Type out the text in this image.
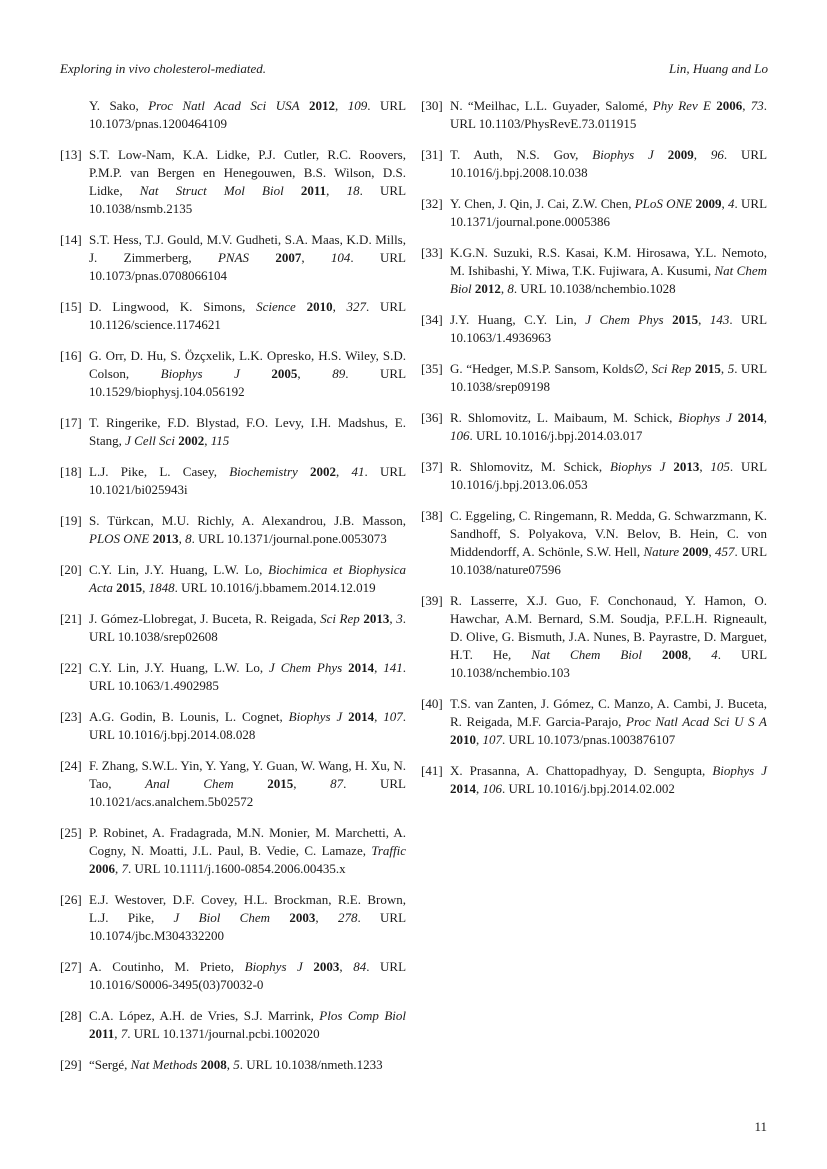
Exploring in vivo cholesterol-mediated.	Lin, Huang and Lo
Y. Sako, Proc Natl Acad Sci USA 2012, 109. URL 10.1073/pnas.1200464109
[13] S.T. Low-Nam, K.A. Lidke, P.J. Cutler, R.C. Roovers, P.M.P. van Bergen en Henegouwen, B.S. Wilson, D.S. Lidke, Nat Struct Mol Biol 2011, 18. URL 10.1038/nsmb.2135
[14] S.T. Hess, T.J. Gould, M.V. Gudheti, S.A. Maas, K.D. Mills, J. Zimmerberg, PNAS 2007, 104. URL 10.1073/pnas.0708066104
[15] D. Lingwood, K. Simons, Science 2010, 327. URL 10.1126/science.1174621
[16] G. Orr, D. Hu, S. Özçxelik, L.K. Opresko, H.S. Wiley, S.D. Colson, Biophys J 2005, 89. URL 10.1529/biophysj.104.056192
[17] T. Ringerike, F.D. Blystad, F.O. Levy, I.H. Madshus, E. Stang, J Cell Sci 2002, 115
[18] L.J. Pike, L. Casey, Biochemistry 2002, 41. URL 10.1021/bi025943i
[19] S. Türkcan, M.U. Richly, A. Alexandrou, J.B. Masson, PLOS ONE 2013, 8. URL 10.1371/journal.pone.0053073
[20] C.Y. Lin, J.Y. Huang, L.W. Lo, Biochimica et Biophysica Acta 2015, 1848. URL 10.1016/j.bbamem.2014.12.019
[21] J. Gómez-Llobregat, J. Buceta, R. Reigada, Sci Rep 2013, 3. URL 10.1038/srep02608
[22] C.Y. Lin, J.Y. Huang, L.W. Lo, J Chem Phys 2014, 141. URL 10.1063/1.4902985
[23] A.G. Godin, B. Lounis, L. Cognet, Biophys J 2014, 107. URL 10.1016/j.bpj.2014.08.028
[24] F. Zhang, S.W.L. Yin, Y. Yang, Y. Guan, W. Wang, H. Xu, N. Tao, Anal Chem	2015, 87. URL 10.1021/acs.analchem.5b02572
[25] P. Robinet, A. Fradagrada, M.N. Monier, M. Marchetti, A. Cogny, N. Moatti, J.L. Paul, B. Vedie, C. Lamaze, Traffic 2006, 7. URL 10.1111/j.1600-0854.2006.00435.x
[26] E.J. Westover, D.F. Covey, H.L. Brockman, R.E. Brown, L.J. Pike, J Biol Chem 2003, 278. URL 10.1074/jbc.M304332200
[27] A. Coutinho, M. Prieto, Biophys J 2003, 84. URL 10.1016/S0006-3495(03)70032-0
[28] C.A. López, A.H. de Vries, S.J. Marrink, Plos Comp Biol 2011, 7. URL 10.1371/journal.pcbi.1002020
[29] “Sergé, Nat Methods 2008, 5. URL 10.1038/nmeth.1233
[30] N. “Meilhac, L.L. Guyader, Salomé, Phy Rev E 2006, 73. URL 10.1103/PhysRevE.73.011915
[31] T. Auth, N.S. Gov, Biophys J 2009, 96. URL 10.1016/j.bpj.2008.10.038
[32] Y. Chen, J. Qin, J. Cai, Z.W. Chen, PLoS ONE 2009, 4. URL 10.1371/journal.pone.0005386
[33] K.G.N. Suzuki, R.S. Kasai, K.M. Hirosawa, Y.L. Nemoto, M. Ishibashi, Y. Miwa, T.K. Fujiwara, A. Kusumi, Nat Chem Biol 2012, 8. URL 10.1038/nchembio.1028
[34] J.Y. Huang, C.Y. Lin, J Chem Phys 2015, 143. URL 10.1063/1.4936963
[35] G. “Hedger, M.S.P. Sansom, Kolds∅, Sci Rep 2015, 5. URL 10.1038/srep09198
[36] R. Shlomovitz, L. Maibaum, M. Schick, Biophys J 2014, 106. URL 10.1016/j.bpj.2014.03.017
[37] R. Shlomovitz, M. Schick, Biophys J 2013, 105. URL 10.1016/j.bpj.2013.06.053
[38] C. Eggeling, C. Ringemann, R. Medda, G. Schwarzmann, K. Sandhoff, S. Polyakova, V.N. Belov, B. Hein, C. von Middendorff, A. Schönle, S.W. Hell, Nature 2009, 457. URL 10.1038/nature07596
[39] R. Lasserre, X.J. Guo, F. Conchonaud, Y. Hamon, O. Hawchar, A.M. Bernard, S.M. Soudja, P.F.L.H. Rigneault, D. Olive, G. Bismuth, J.A. Nunes, B. Payrastre, D. Marguet, H.T. He, Nat Chem Biol 2008, 4. URL 10.1038/nchembio.103
[40] T.S. van Zanten, J. Gómez, C. Manzo, A. Cambi, J. Buceta, R. Reigada, M.F. Garcia-Parajo, Proc Natl Acad Sci U S A 2010, 107. URL 10.1073/pnas.1003876107
[41] X. Prasanna, A. Chattopadhyay, D. Sengupta, Biophys J 2014, 106. URL 10.1016/j.bpj.2014.02.002
11
